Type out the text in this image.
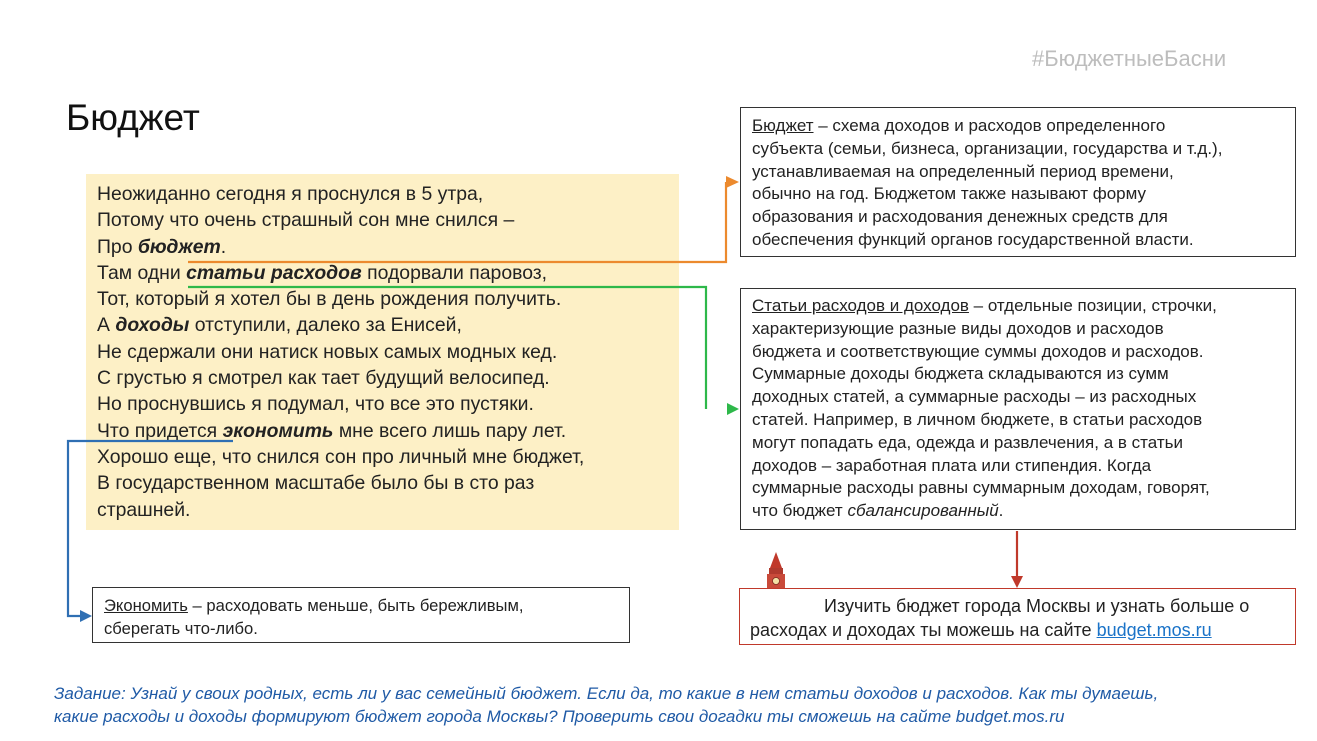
#БюджетныеБасни
Бюджет
Неожиданно сегодня я проснулся в 5 утра,
Потому что очень страшный сон мне снился –
Про бюджет.
Там одни статьи расходов подорвали паровоз,
Тот, который я хотел бы в день рождения получить.
А доходы отступили, далеко за Енисей,
Не сдержали они натиск новых самых модных кед.
С грустью я смотрел как тает будущий велосипед.
Но проснувшись я подумал, что все это пустяки.
Что придется экономить мне всего лишь пару лет.
Хорошо еще, что снился сон про личный мне бюджет,
В государственном масштабе было бы в сто раз
страшней.
Бюджет – схема доходов и расходов определенного
субъекта (семьи, бизнеса, организации, государства и т.д.),
устанавливаемая на определенный период времени,
обычно на год. Бюджетом также называют форму
образования и расходования денежных средств для
обеспечения функций органов государственной власти.
Статьи расходов и доходов – отдельные позиции, строчки,
характеризующие разные виды доходов и расходов
бюджета и соответствующие суммы доходов и расходов.
Суммарные доходы бюджета складываются из сумм
доходных статей, а суммарные расходы – из расходных
статей. Например, в личном бюджете, в статьи расходов
могут попадать еда, одежда и развлечения, а в статьи
доходов – заработная плата или стипендия. Когда
суммарные расходы равны суммарным доходам, говорят,
что бюджет сбалансированный.
Экономить – расходовать меньше, быть бережливым,
сберегать что-либо.
Изучить бюджет города Москвы и узнать больше о
расходах и доходах ты можешь на сайте budget.mos.ru
Задание: Узнай у своих родных, есть ли у вас семейный бюджет. Если да, то какие в нем статьи доходов и расходов. Как ты думаешь,
какие расходы и доходы формируют бюджет города Москвы? Проверить свои догадки ты сможешь на сайте budget.mos.ru
